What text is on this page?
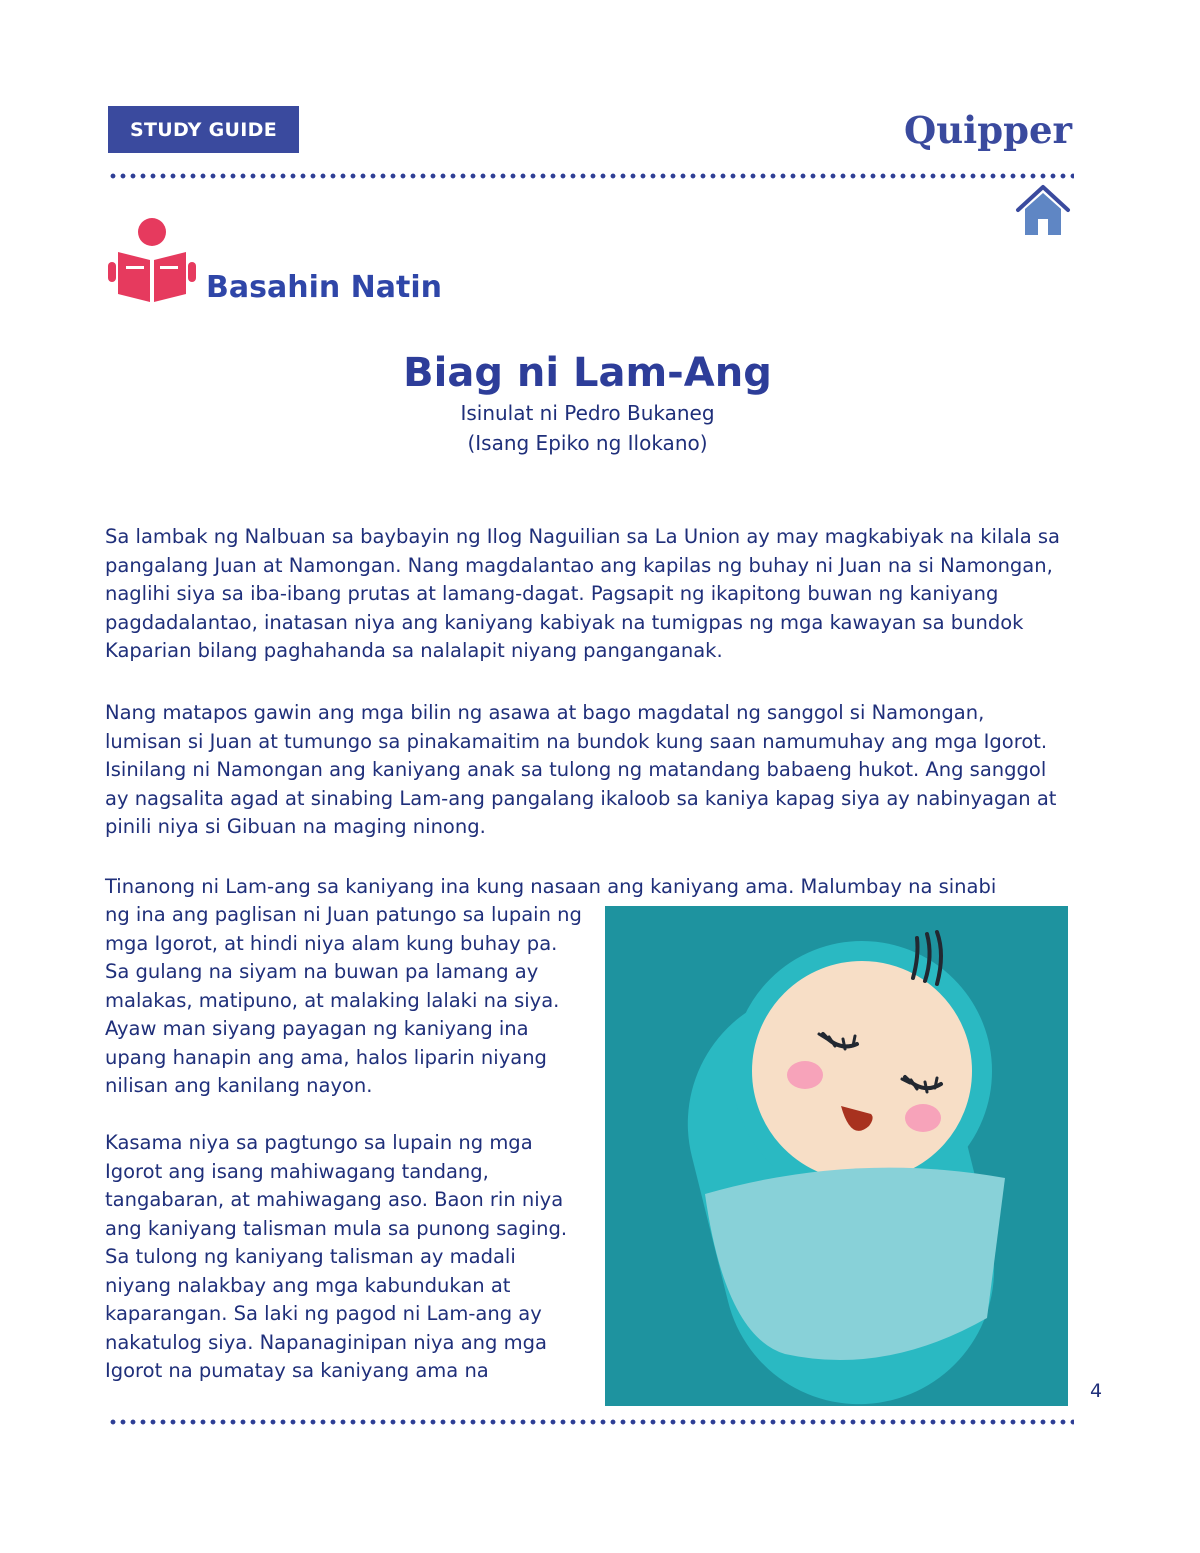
STUDY GUIDE	Quipper
Basahin Natin
Biag ni Lam-Ang
Isinulat ni Pedro Bukaneg
(Isang Epiko ng Ilokano)

Sa lambak ng Nalbuan sa baybayin ng Ilog Naguilian sa La Union ay may magkabiyak na kilala sa pangalang Juan at Namongan. Nang magdalantao ang kapilas ng buhay ni Juan na si Namongan, naglihi siya sa iba-ibang prutas at lamang-dagat. Pagsapit ng ikapitong buwan ng kaniyang pagdadalantao, inatasan niya ang kaniyang kabiyak na tumigpas ng mga kawayan sa bundok Kaparian bilang paghahanda sa nalalapit niyang panganganak.

Nang matapos gawin ang mga bilin ng asawa at bago magdatal ng sanggol si Namongan, lumisan si Juan at tumungo sa pinakamaitim na bundok kung saan namumuhay ang mga Igorot. Isinilang ni Namongan ang kaniyang anak sa tulong ng matandang babaeng hukot. Ang sanggol ay nagsalita agad at sinabing Lam-ang pangalang ikaloob sa kaniya kapag siya ay nabinyagan at pinili niya si Gibuan na maging ninong.

Tinanong ni Lam-ang sa kaniyang ina kung nasaan ang kaniyang ama. Malumbay na sinabi

ng ina ang paglisan ni Juan patungo sa lupain ng mga Igorot, at hindi niya alam kung buhay pa. Sa gulang na siyam na buwan pa lamang ay malakas, matipuno, at malaking lalaki na siya. Ayaw man siyang payagan ng kaniyang ina upang hanapin ang ama, halos liparin niyang nilisan ang kanilang nayon.

Kasama niya sa pagtungo sa lupain ng mga Igorot ang isang mahiwagang tandang, tangabaran, at mahiwagang aso. Baon rin niya ang kaniyang talisman mula sa punong saging. Sa tulong ng kaniyang talisman ay madali niyang nalakbay ang mga kabundukan at kaparangan. Sa laki ng pagod ni Lam-ang ay nakatulog siya. Napanaginipan niya ang mga Igorot na pumatay sa kaniyang ama na

4
